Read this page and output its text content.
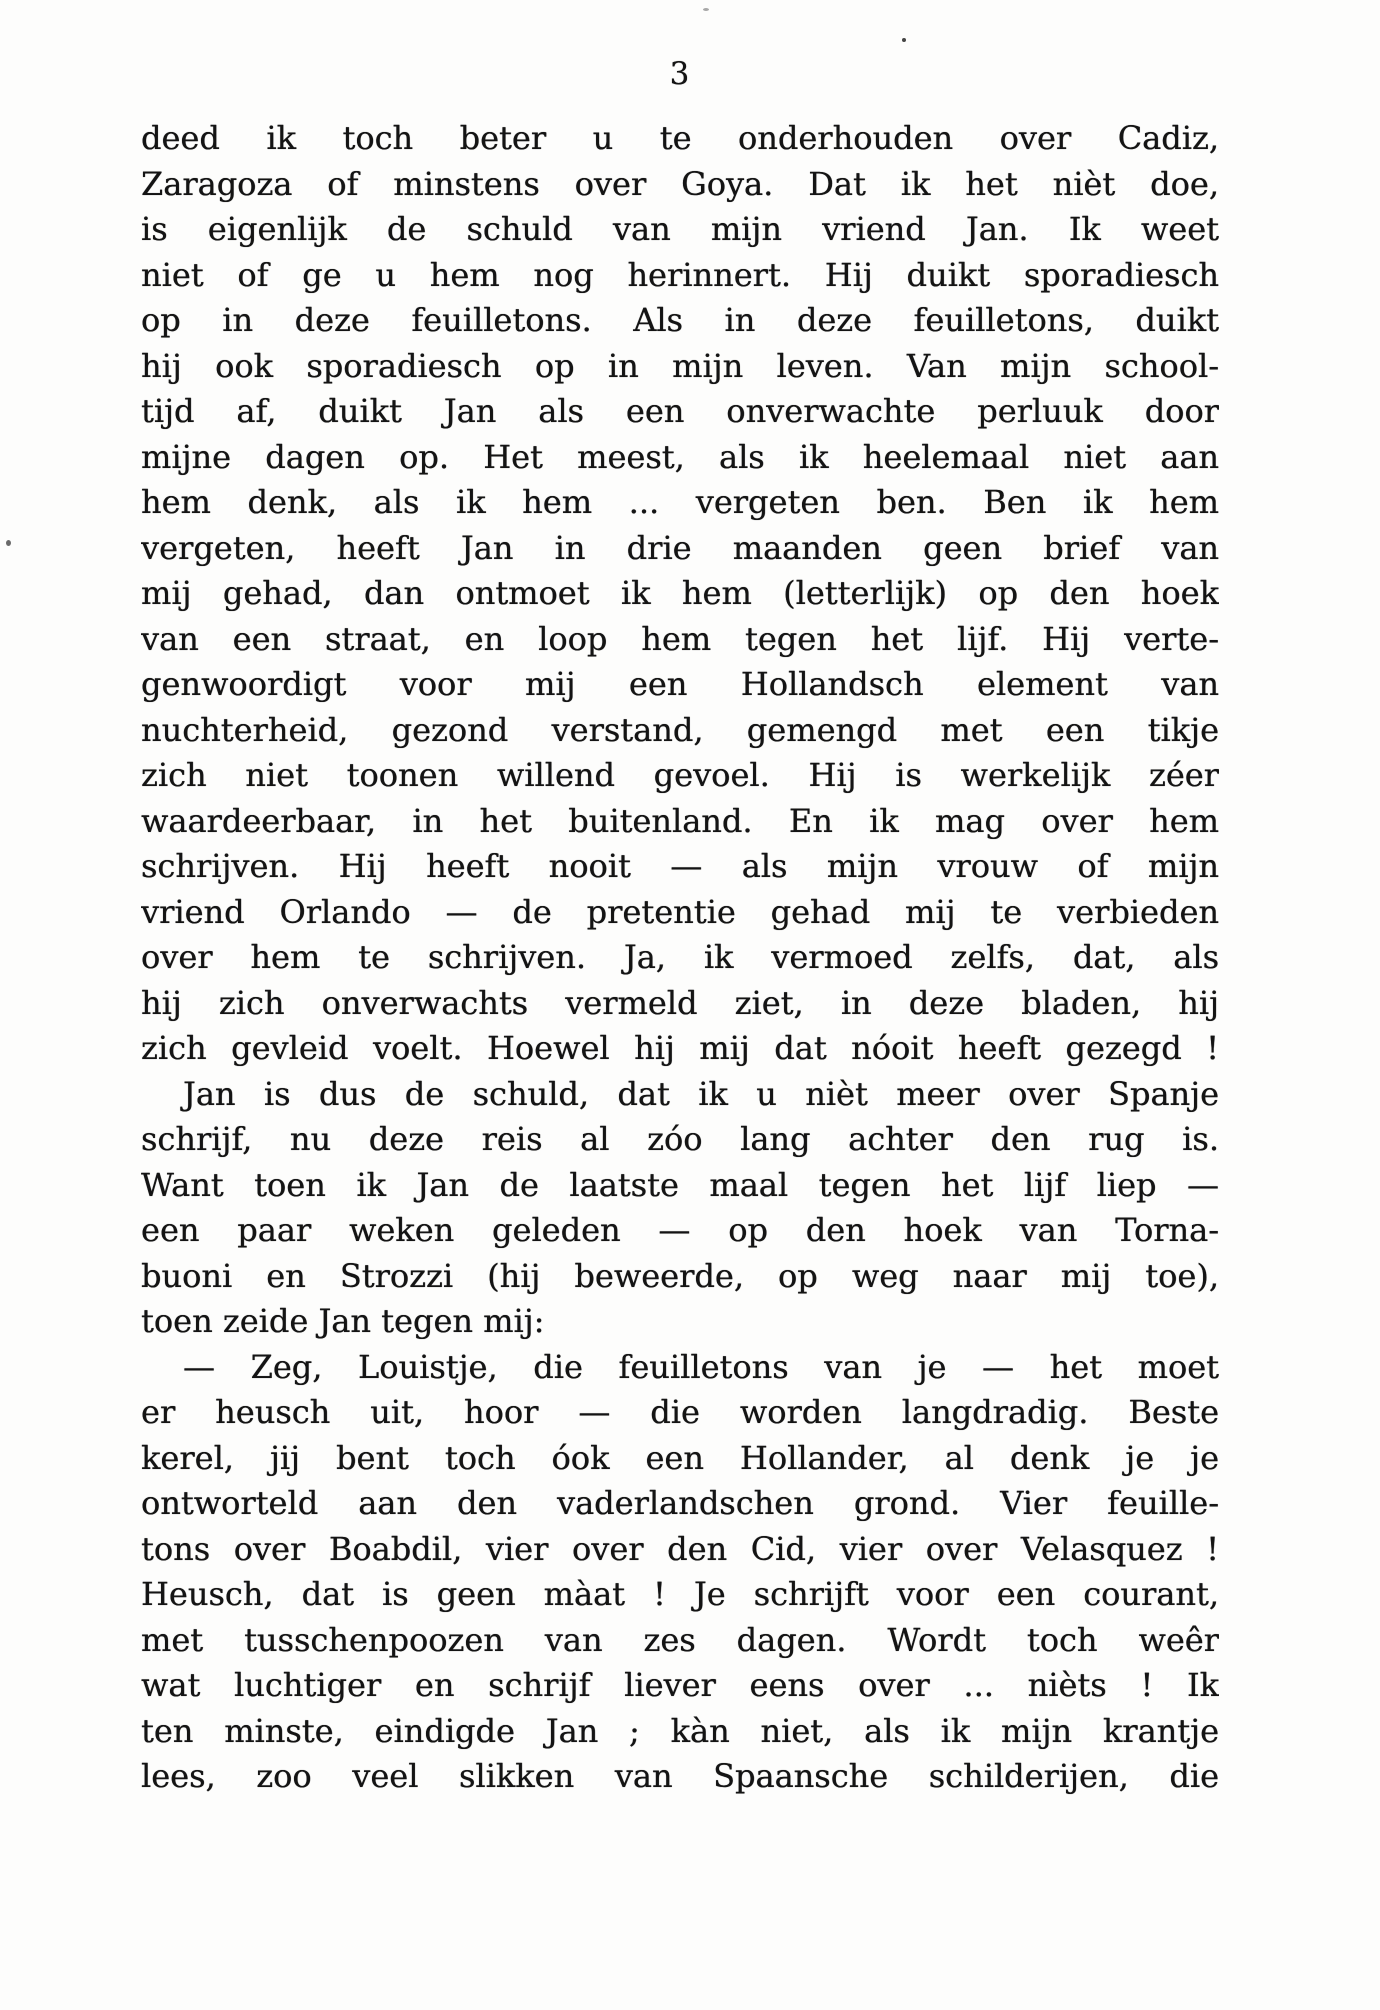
3
deed ik toch beter u te onderhouden over Cadiz,
Zaragoza of minstens over Goya. Dat ik het nièt doe,
is eigenlijk de schuld van mijn vriend Jan. Ik weet
niet of ge u hem nog herinnert. Hij duikt sporadiesch
op in deze feuilletons. Als in deze feuilletons, duikt
hij ook sporadiesch op in mijn leven. Van mijn school-
tijd af, duikt Jan als een onverwachte perluuk door
mijne dagen op. Het meest, als ik heelemaal niet aan
hem denk, als ik hem ... vergeten ben. Ben ik hem
vergeten, heeft Jan in drie maanden geen brief van
mij gehad, dan ontmoet ik hem (letterlijk) op den hoek
van een straat, en loop hem tegen het lijf. Hij verte-
genwoordigt voor mij een Hollandsch element van
nuchterheid, gezond verstand, gemengd met een tikje
zich niet toonen willend gevoel. Hij is werkelijk zéer
waardeerbaar, in het buitenland. En ik mag over hem
schrijven. Hij heeft nooit — als mijn vrouw of mijn
vriend Orlando — de pretentie gehad mij te verbieden
over hem te schrijven. Ja, ik vermoed zelfs, dat, als
hij zich onverwachts vermeld ziet, in deze bladen, hij
zich gevleid voelt. Hoewel hij mij dat nóoit heeft gezegd !
Jan is dus de schuld, dat ik u nièt meer over Spanje
schrijf, nu deze reis al zóo lang achter den rug is.
Want toen ik Jan de laatste maal tegen het lijf liep —
een paar weken geleden — op den hoek van Torna-
buoni en Strozzi (hij beweerde, op weg naar mij toe),
toen zeide Jan tegen mij:
— Zeg, Louistje, die feuilletons van je — het moet
er heusch uit, hoor — die worden langdradig. Beste
kerel, jij bent toch óok een Hollander, al denk je je
ontworteld aan den vaderlandschen grond. Vier feuille-
tons over Boabdil, vier over den Cid, vier over Velasquez !
Heusch, dat is geen màat ! Je schrijft voor een courant,
met tusschenpoozen van zes dagen. Wordt toch weêr
wat luchtiger en schrijf liever eens over ... nièts ! Ik
ten minste, eindigde Jan ; kàn niet, als ik mijn krantje
lees, zoo veel slikken van Spaansche schilderijen, die
